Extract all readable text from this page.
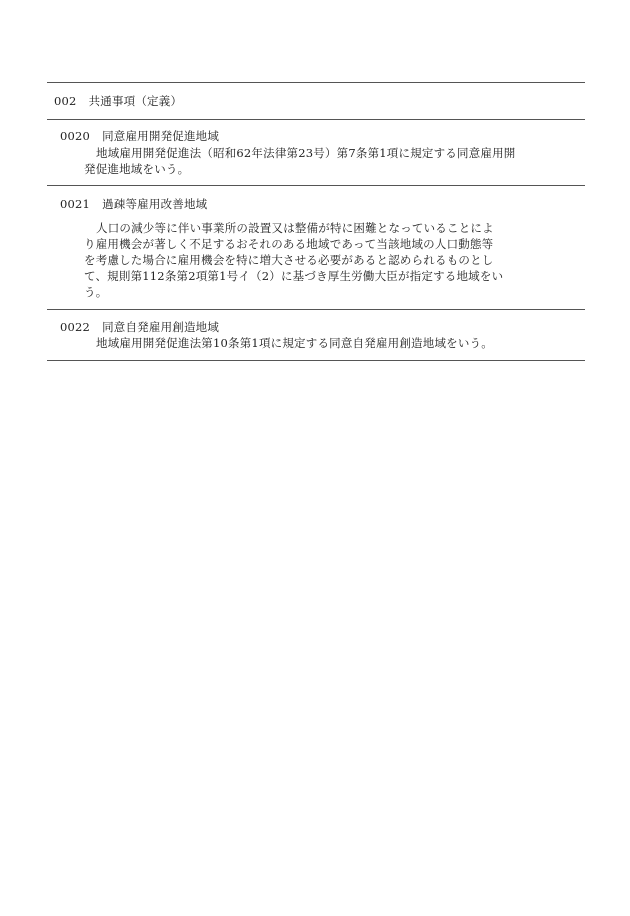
002 共通事項（定義）
0020 同意雇用開発促進地域
地域雇用開発促進法（昭和62年法律第23号）第7条第1項に規定する同意雇用開
発促進地域をいう。
0021 過疎等雇用改善地域
人口の減少等に伴い事業所の設置又は整備が特に困難となっていることによ
り雇用機会が著しく不足するおそれのある地域であって当該地域の人口動態等
を考慮した場合に雇用機会を特に増大させる必要があると認められるものとし
て、規則第112条第2項第1号イ（2）に基づき厚生労働大臣が指定する地域をい
う。
0022 同意自発雇用創造地域
地域雇用開発促進法第10条第1項に規定する同意自発雇用創造地域をいう。
